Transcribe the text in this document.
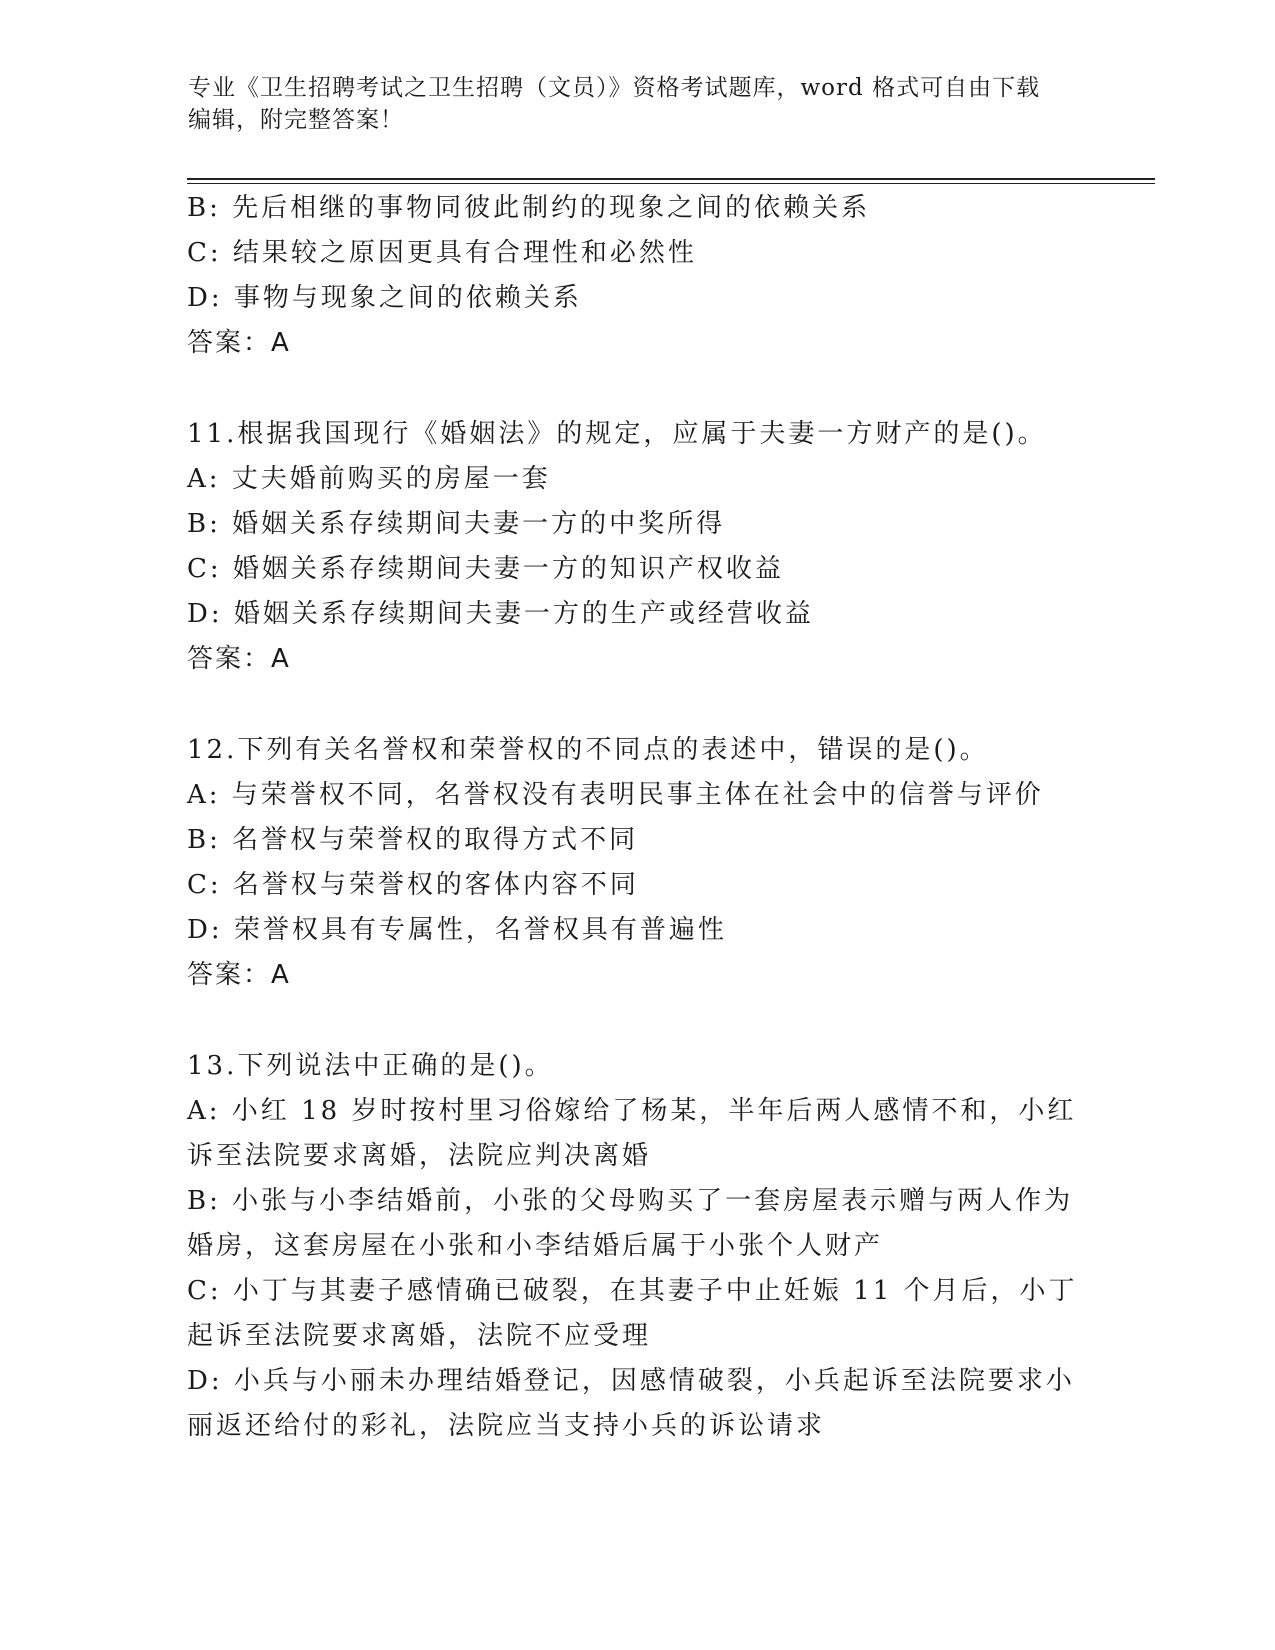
专业《卫生招聘考试之卫生招聘（文员）》资格考试题库，word 格式可自由下载
编辑，附完整答案！
B: 先后相继的事物同彼此制约的现象之间的依赖关系
C: 结果较之原因更具有合理性和必然性
D: 事物与现象之间的依赖关系
答案：A
11.根据我国现行《婚姻法》的规定，应属于夫妻一方财产的是()。
A: 丈夫婚前购买的房屋一套
B: 婚姻关系存续期间夫妻一方的中奖所得
C: 婚姻关系存续期间夫妻一方的知识产权收益
D: 婚姻关系存续期间夫妻一方的生产或经营收益
答案：A
12.下列有关名誉权和荣誉权的不同点的表述中，错误的是()。
A: 与荣誉权不同，名誉权没有表明民事主体在社会中的信誉与评价
B: 名誉权与荣誉权的取得方式不同
C: 名誉权与荣誉权的客体内容不同
D: 荣誉权具有专属性，名誉权具有普遍性
答案：A
13.下列说法中正确的是()。
A: 小红 18 岁时按村里习俗嫁给了杨某，半年后两人感情不和，小红
诉至法院要求离婚，法院应判决离婚
B: 小张与小李结婚前，小张的父母购买了一套房屋表示赠与两人作为
婚房，这套房屋在小张和小李结婚后属于小张个人财产
C: 小丁与其妻子感情确已破裂，在其妻子中止妊娠 11 个月后，小丁
起诉至法院要求离婚，法院不应受理
D: 小兵与小丽未办理结婚登记，因感情破裂，小兵起诉至法院要求小
丽返还给付的彩礼，法院应当支持小兵的诉讼请求
